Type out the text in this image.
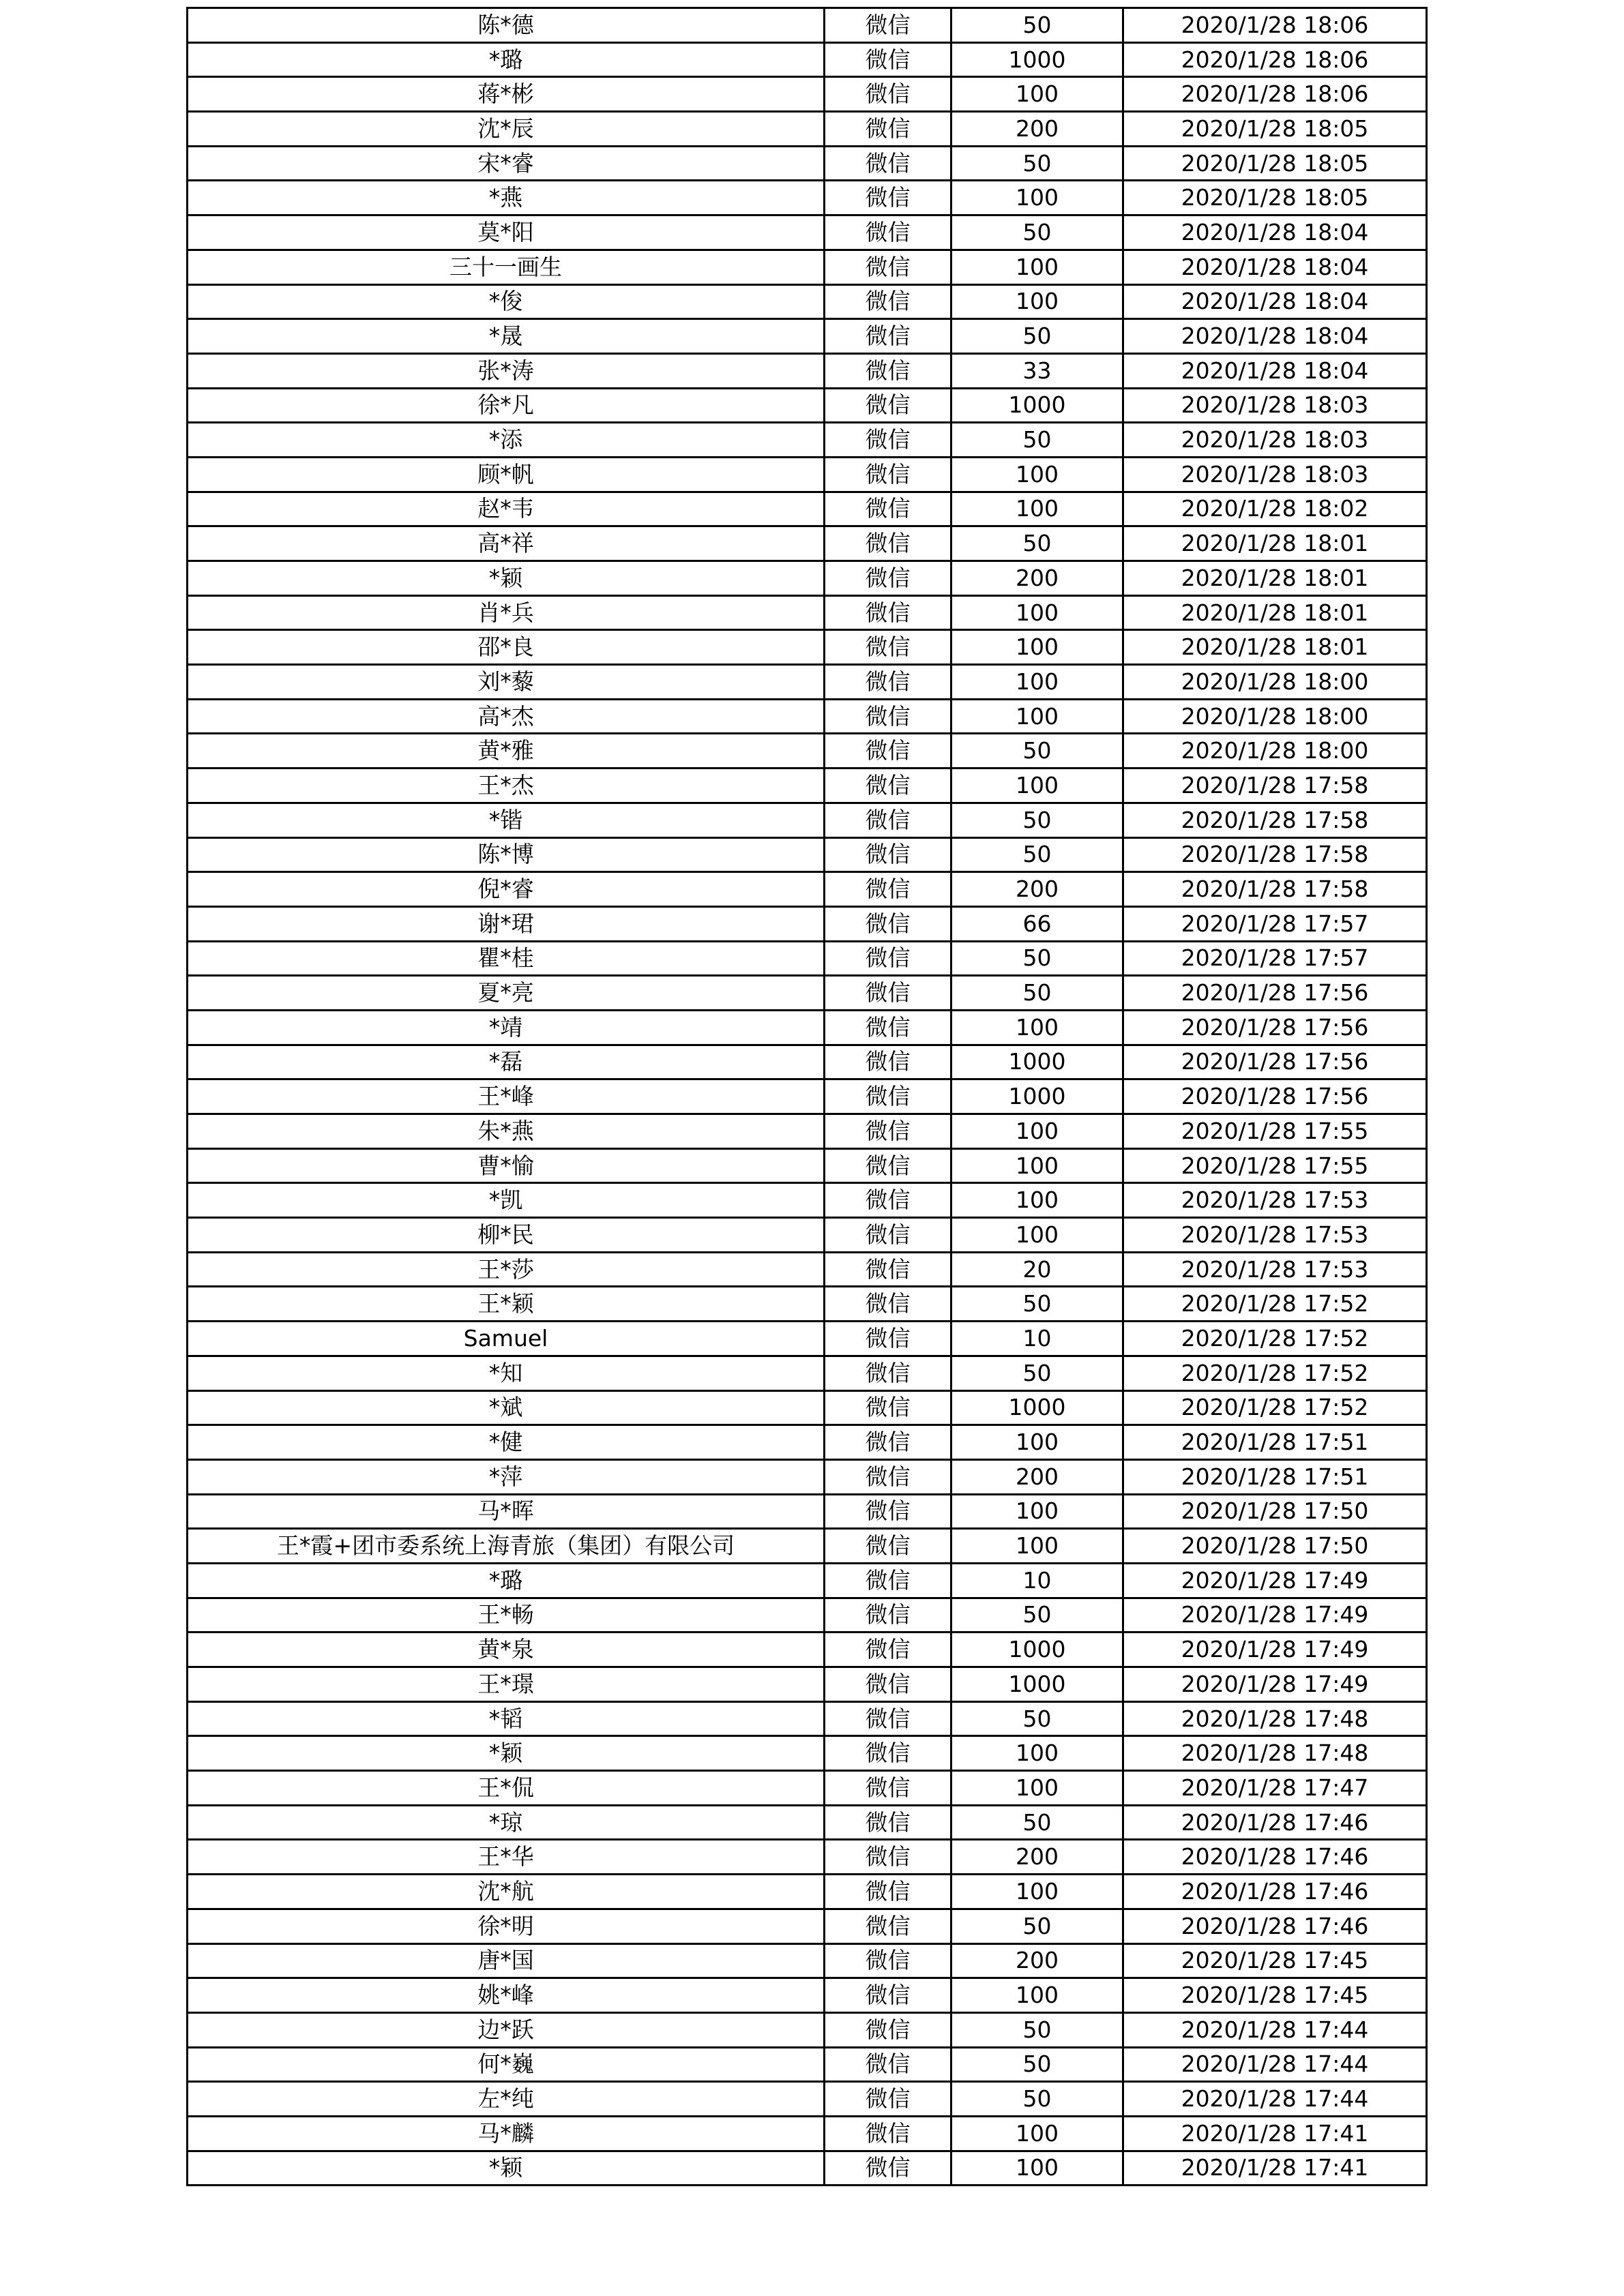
陈*德	微信	50	2020/1/28 18:06
*璐	微信	1000	2020/1/28 18:06
蒋*彬	微信	100	2020/1/28 18:06
沈*辰	微信	200	2020/1/28 18:05
宋*睿	微信	50	2020/1/28 18:05
*燕	微信	100	2020/1/28 18:05
莫*阳	微信	50	2020/1/28 18:04
三十一画生	微信	100	2020/1/28 18:04
*俊	微信	100	2020/1/28 18:04
*晟	微信	50	2020/1/28 18:04
张*涛	微信	33	2020/1/28 18:04
徐*凡	微信	1000	2020/1/28 18:03
*添	微信	50	2020/1/28 18:03
顾*帆	微信	100	2020/1/28 18:03
赵*韦	微信	100	2020/1/28 18:02
高*祥	微信	50	2020/1/28 18:01
*颖	微信	200	2020/1/28 18:01
肖*兵	微信	100	2020/1/28 18:01
邵*良	微信	100	2020/1/28 18:01
刘*藜	微信	100	2020/1/28 18:00
高*杰	微信	100	2020/1/28 18:00
黄*雅	微信	50	2020/1/28 18:00
王*杰	微信	100	2020/1/28 17:58
*锴	微信	50	2020/1/28 17:58
陈*博	微信	50	2020/1/28 17:58
倪*睿	微信	200	2020/1/28 17:58
谢*珺	微信	66	2020/1/28 17:57
瞿*桂	微信	50	2020/1/28 17:57
夏*亮	微信	50	2020/1/28 17:56
*靖	微信	100	2020/1/28 17:56
*磊	微信	1000	2020/1/28 17:56
王*峰	微信	1000	2020/1/28 17:56
朱*燕	微信	100	2020/1/28 17:55
曹*愉	微信	100	2020/1/28 17:55
*凯	微信	100	2020/1/28 17:53
柳*民	微信	100	2020/1/28 17:53
王*莎	微信	20	2020/1/28 17:53
王*颖	微信	50	2020/1/28 17:52
Samuel	微信	10	2020/1/28 17:52
*知	微信	50	2020/1/28 17:52
*斌	微信	1000	2020/1/28 17:52
*健	微信	100	2020/1/28 17:51
*萍	微信	200	2020/1/28 17:51
马*晖	微信	100	2020/1/28 17:50
王*霞+团市委系统上海青旅（集团）有限公司	微信	100	2020/1/28 17:50
*璐	微信	10	2020/1/28 17:49
王*畅	微信	50	2020/1/28 17:49
黄*泉	微信	1000	2020/1/28 17:49
王*璟	微信	1000	2020/1/28 17:49
*韬	微信	50	2020/1/28 17:48
*颖	微信	100	2020/1/28 17:48
王*侃	微信	100	2020/1/28 17:47
*琼	微信	50	2020/1/28 17:46
王*华	微信	200	2020/1/28 17:46
沈*航	微信	100	2020/1/28 17:46
徐*明	微信	50	2020/1/28 17:46
唐*国	微信	200	2020/1/28 17:45
姚*峰	微信	100	2020/1/28 17:45
边*跃	微信	50	2020/1/28 17:44
何*巍	微信	50	2020/1/28 17:44
左*纯	微信	50	2020/1/28 17:44
马*麟	微信	100	2020/1/28 17:41
*颖	微信	100	2020/1/28 17:41
